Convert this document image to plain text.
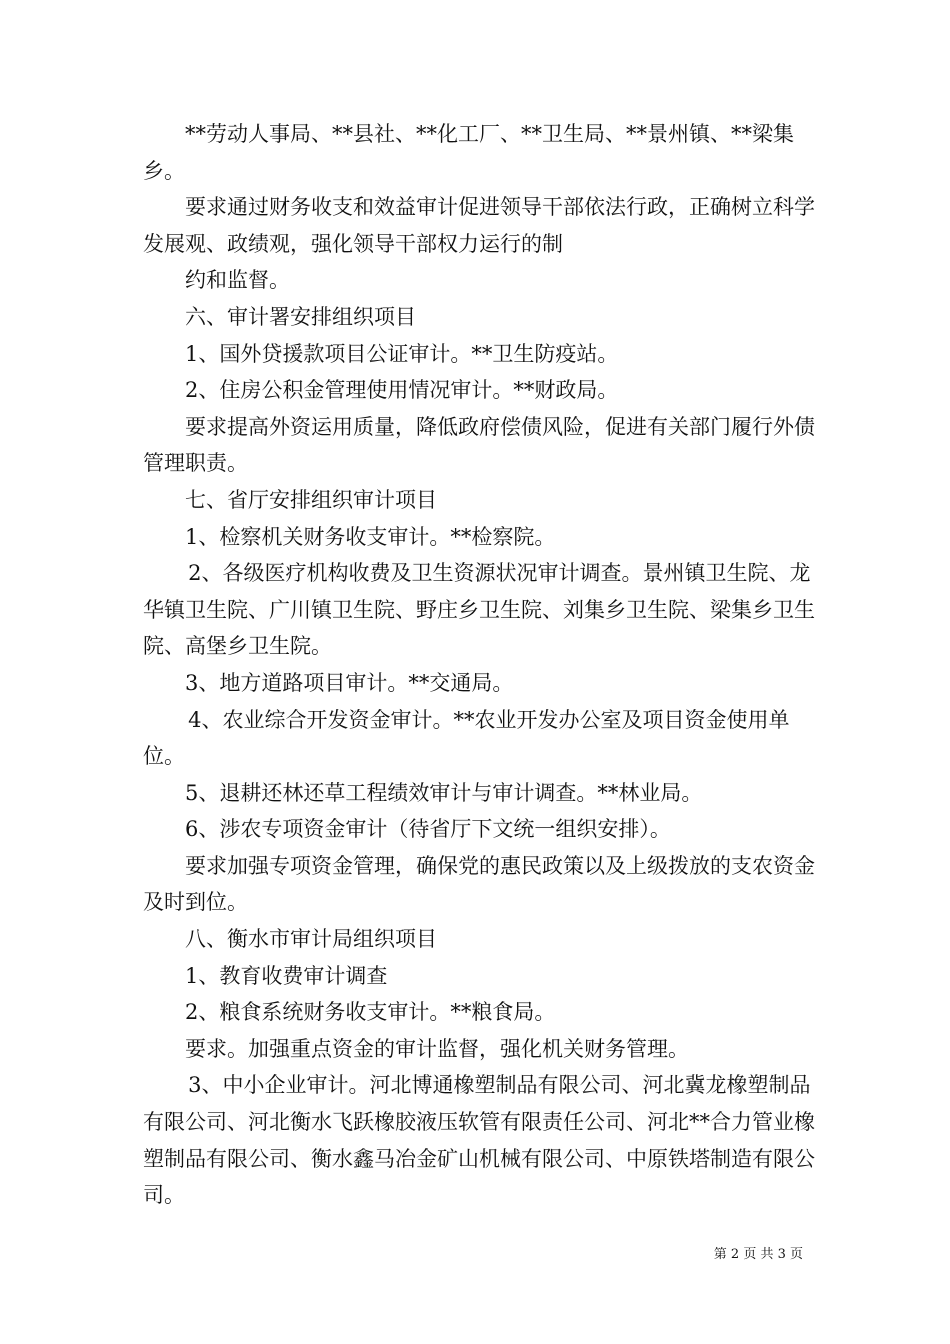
**劳动人事局、**县社、**化工厂、**卫生局、**景州镇、**梁集乡。

要求通过财务收支和效益审计促进领导干部依法行政，正确树立科学发展观、政绩观，强化领导干部权力运行的制

约和监督。

六、审计署安排组织项目

1、国外贷援款项目公证审计。**卫生防疫站。

2、住房公积金管理使用情况审计。**财政局。

要求提高外资运用质量，降低政府偿债风险，促进有关部门履行外债管理职责。

七、省厅安排组织审计项目

1、检察机关财务收支审计。**检察院。

2、各级医疗机构收费及卫生资源状况审计调查。景州镇卫生院、龙华镇卫生院、广川镇卫生院、野庄乡卫生院、刘集乡卫生院、梁集乡卫生院、高堡乡卫生院。

3、地方道路项目审计。**交通局。

4、农业综合开发资金审计。**农业开发办公室及项目资金使用单位。

5、退耕还林还草工程绩效审计与审计调查。**林业局。

6、涉农专项资金审计（待省厅下文统一组织安排）。

要求加强专项资金管理，确保党的惠民政策以及上级拨放的支农资金及时到位。

八、衡水市审计局组织项目

1、教育收费审计调查

2、粮食系统财务收支审计。**粮食局。

要求。加强重点资金的审计监督，强化机关财务管理。

3、中小企业审计。河北博通橡塑制品有限公司、河北冀龙橡塑制品有限公司、河北衡水飞跃橡胶液压软管有限责任公司、河北**合力管业橡塑制品有限公司、衡水鑫马冶金矿山机械有限公司、中原铁塔制造有限公司。

第 2 页 共 3 页
